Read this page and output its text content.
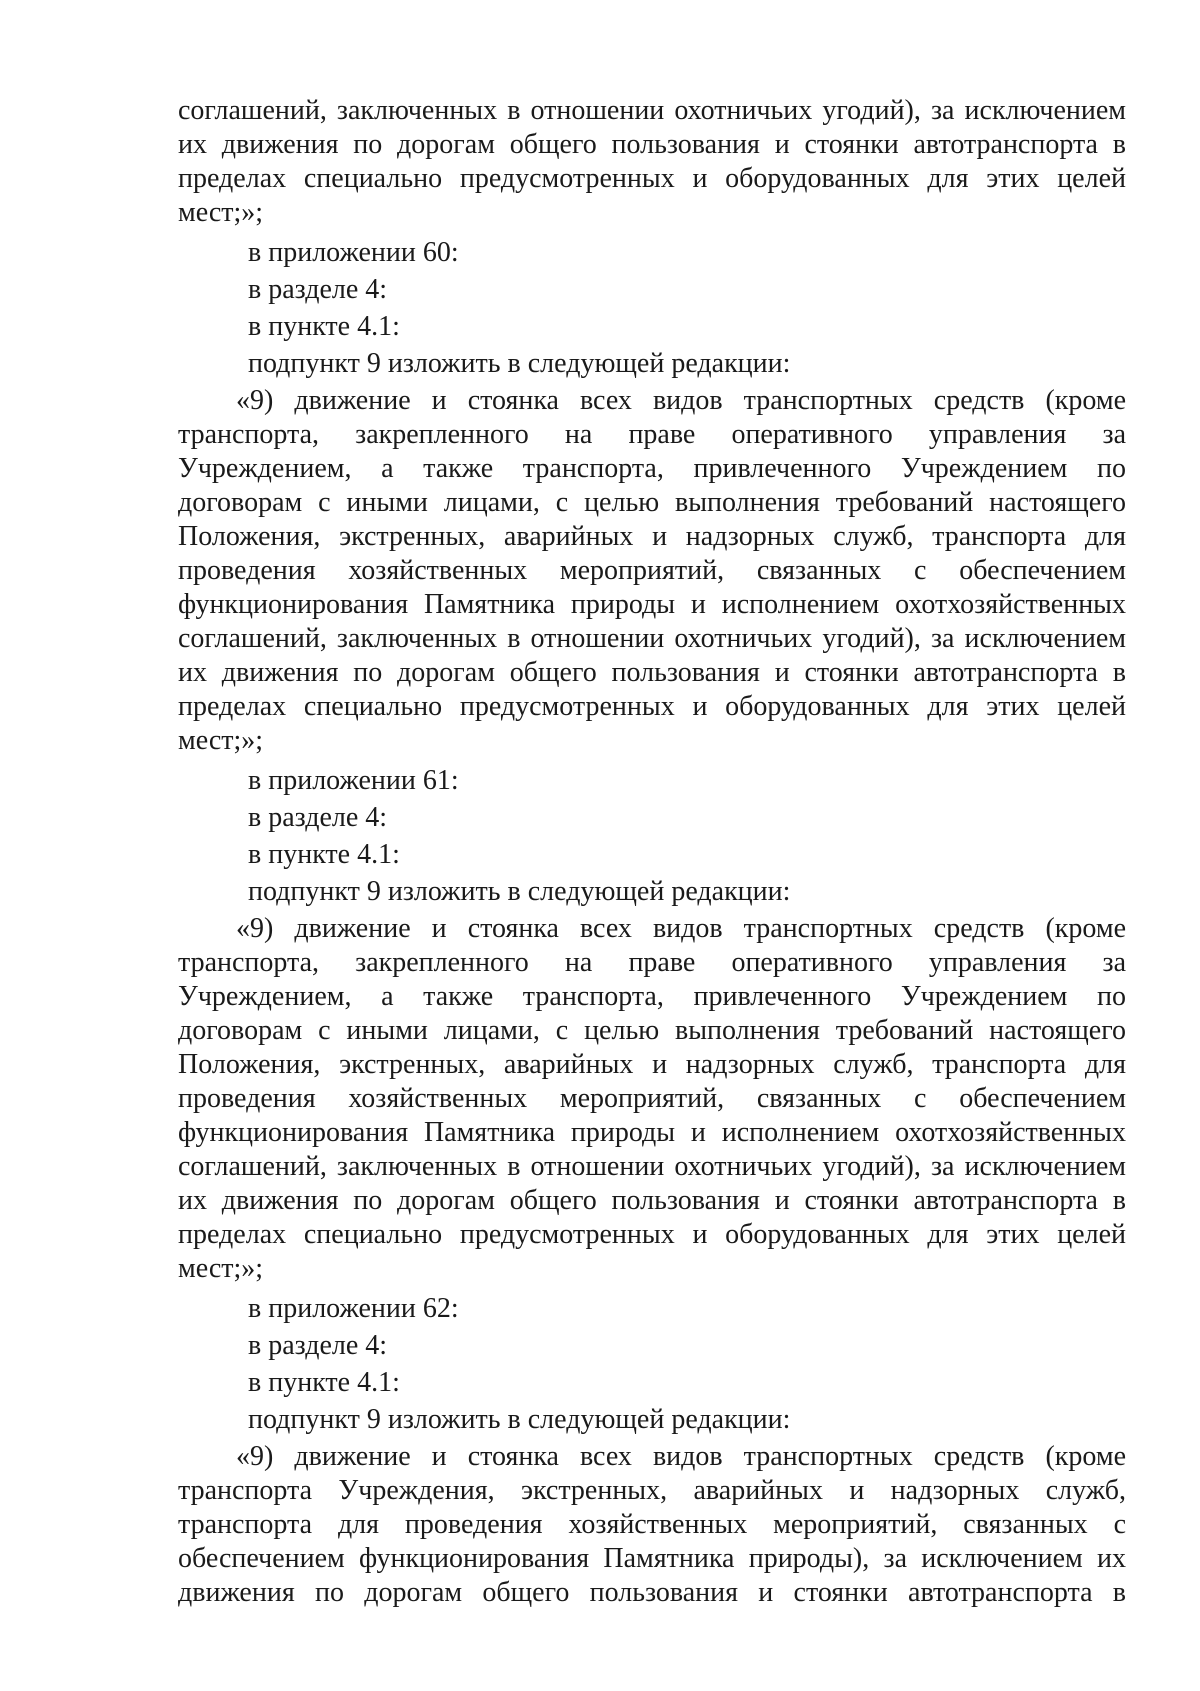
соглашений, заключенных в отношении охотничьих угодий), за исключением
их движения по дорогам общего пользования и стоянки автотранспорта в
пределах специально предусмотренных и оборудованных для этих целей
мест;»;
в приложении 60:
в разделе 4:
в пункте 4.1:
подпункт 9 изложить в следующей редакции:
«9) движение и стоянка всех видов транспортных средств (кроме
транспорта, закрепленного на праве оперативного управления за
Учреждением, а также транспорта, привлеченного Учреждением по
договорам с иными лицами, с целью выполнения требований настоящего
Положения, экстренных, аварийных и надзорных служб, транспорта для
проведения хозяйственных мероприятий, связанных с обеспечением
функционирования Памятника природы и исполнением охотхозяйственных
соглашений, заключенных в отношении охотничьих угодий), за исключением
их движения по дорогам общего пользования и стоянки автотранспорта в
пределах специально предусмотренных и оборудованных для этих целей
мест;»;
в приложении 61:
в разделе 4:
в пункте 4.1:
подпункт 9 изложить в следующей редакции:
«9) движение и стоянка всех видов транспортных средств (кроме
транспорта, закрепленного на праве оперативного управления за
Учреждением, а также транспорта, привлеченного Учреждением по
договорам с иными лицами, с целью выполнения требований настоящего
Положения, экстренных, аварийных и надзорных служб, транспорта для
проведения хозяйственных мероприятий, связанных с обеспечением
функционирования Памятника природы и исполнением охотхозяйственных
соглашений, заключенных в отношении охотничьих угодий), за исключением
их движения по дорогам общего пользования и стоянки автотранспорта в
пределах специально предусмотренных и оборудованных для этих целей
мест;»;
в приложении 62:
в разделе 4:
в пункте 4.1:
подпункт 9 изложить в следующей редакции:
«9) движение и стоянка всех видов транспортных средств (кроме
транспорта Учреждения, экстренных, аварийных и надзорных служб,
транспорта для проведения хозяйственных мероприятий, связанных с
обеспечением функционирования Памятника природы), за исключением их
движения по дорогам общего пользования и стоянки автотранспорта в
